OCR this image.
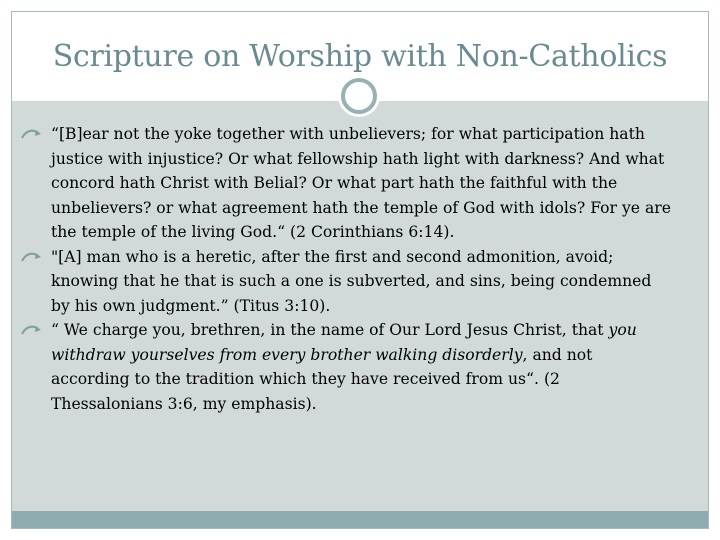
Scripture on Worship with Non-Catholics
“[B]ear not the yoke together with unbelievers; for what participation hath justice with injustice? Or what fellowship hath light with darkness? And what concord hath Christ with Belial? Or what part hath the faithful with the unbelievers? or what agreement hath the temple of God with idols? For ye are the temple of the living God.“ (2 Corinthians 6:14).
"[A] man who is a heretic, after the first and second admonition, avoid; knowing that he that is such a one is subverted, and sins, being condemned by his own judgment.” (Titus 3:10).
“ We charge you, brethren, in the name of Our Lord Jesus Christ, that you withdraw yourselves from every brother walking disorderly, and not according to the tradition which they have received from us“. (2 Thessalonians 3:6, my emphasis).
